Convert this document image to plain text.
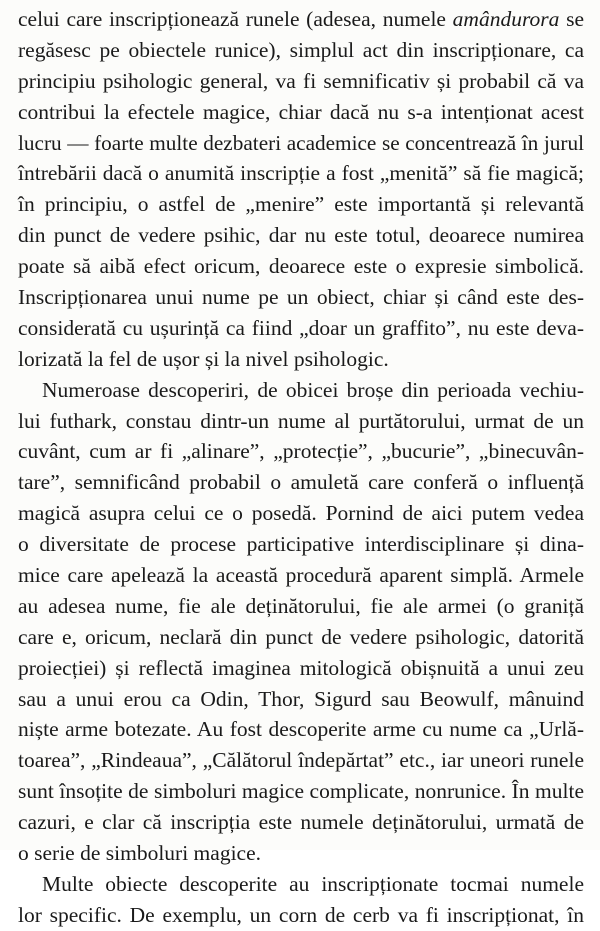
celui care inscripționează runele (adesea, numele amândurora se
regăsesc pe obiectele runice), simplul act din inscripționare, ca
principiu psihologic general, va fi semnificativ și probabil că va
contribui la efectele magice, chiar dacă nu s-a intenționat acest
lucru — foarte multe dezbateri academice se concentrează în jurul
întrebării dacă o anumită inscripție a fost „menită” să fie magică;
în principiu, o astfel de „menire” este importantă și relevantă
din punct de vedere psihic, dar nu este totul, deoarece numirea
poate să aibă efect oricum, deoarece este o expresie simbolică.
Inscripționarea unui nume pe un obiect, chiar și când este des-
considerată cu ușurință ca fiind „doar un graffito”, nu este deva-
lorizată la fel de ușor și la nivel psihologic.
Numeroase descoperiri, de obicei broșe din perioada vechiu-
lui futhark, constau dintr-un nume al purtătorului, urmat de un
cuvânt, cum ar fi „alinare”, „protecție”, „bucurie”, „binecuvân-
tare”, semnificând probabil o amuletă care conferă o influență
magică asupra celui ce o posedă. Pornind de aici putem vedea
o diversitate de procese participative interdisciplinare și dina-
mice care apelează la această procedură aparent simplă. Armele
au adesea nume, fie ale deținătorului, fie ale armei (o graniță
care e, oricum, neclară din punct de vedere psihologic, datorită
proiecției) și reflectă imaginea mitologică obișnuită a unui zeu
sau a unui erou ca Odin, Thor, Sigurd sau Beowulf, mânuind
niște arme botezate. Au fost descoperite arme cu nume ca „Urlă-
toarea”, „Rindeaua”, „Călătorul îndepărtat” etc., iar uneori runele
sunt însoțite de simboluri magice complicate, nonrunice. În multe
cazuri, e clar că inscripția este numele deținătorului, urmată de
o serie de simboluri magice.
Multe obiecte descoperite au inscripționate tocmai numele
lor specific. De exemplu, un corn de cerb va fi inscripționat, în
